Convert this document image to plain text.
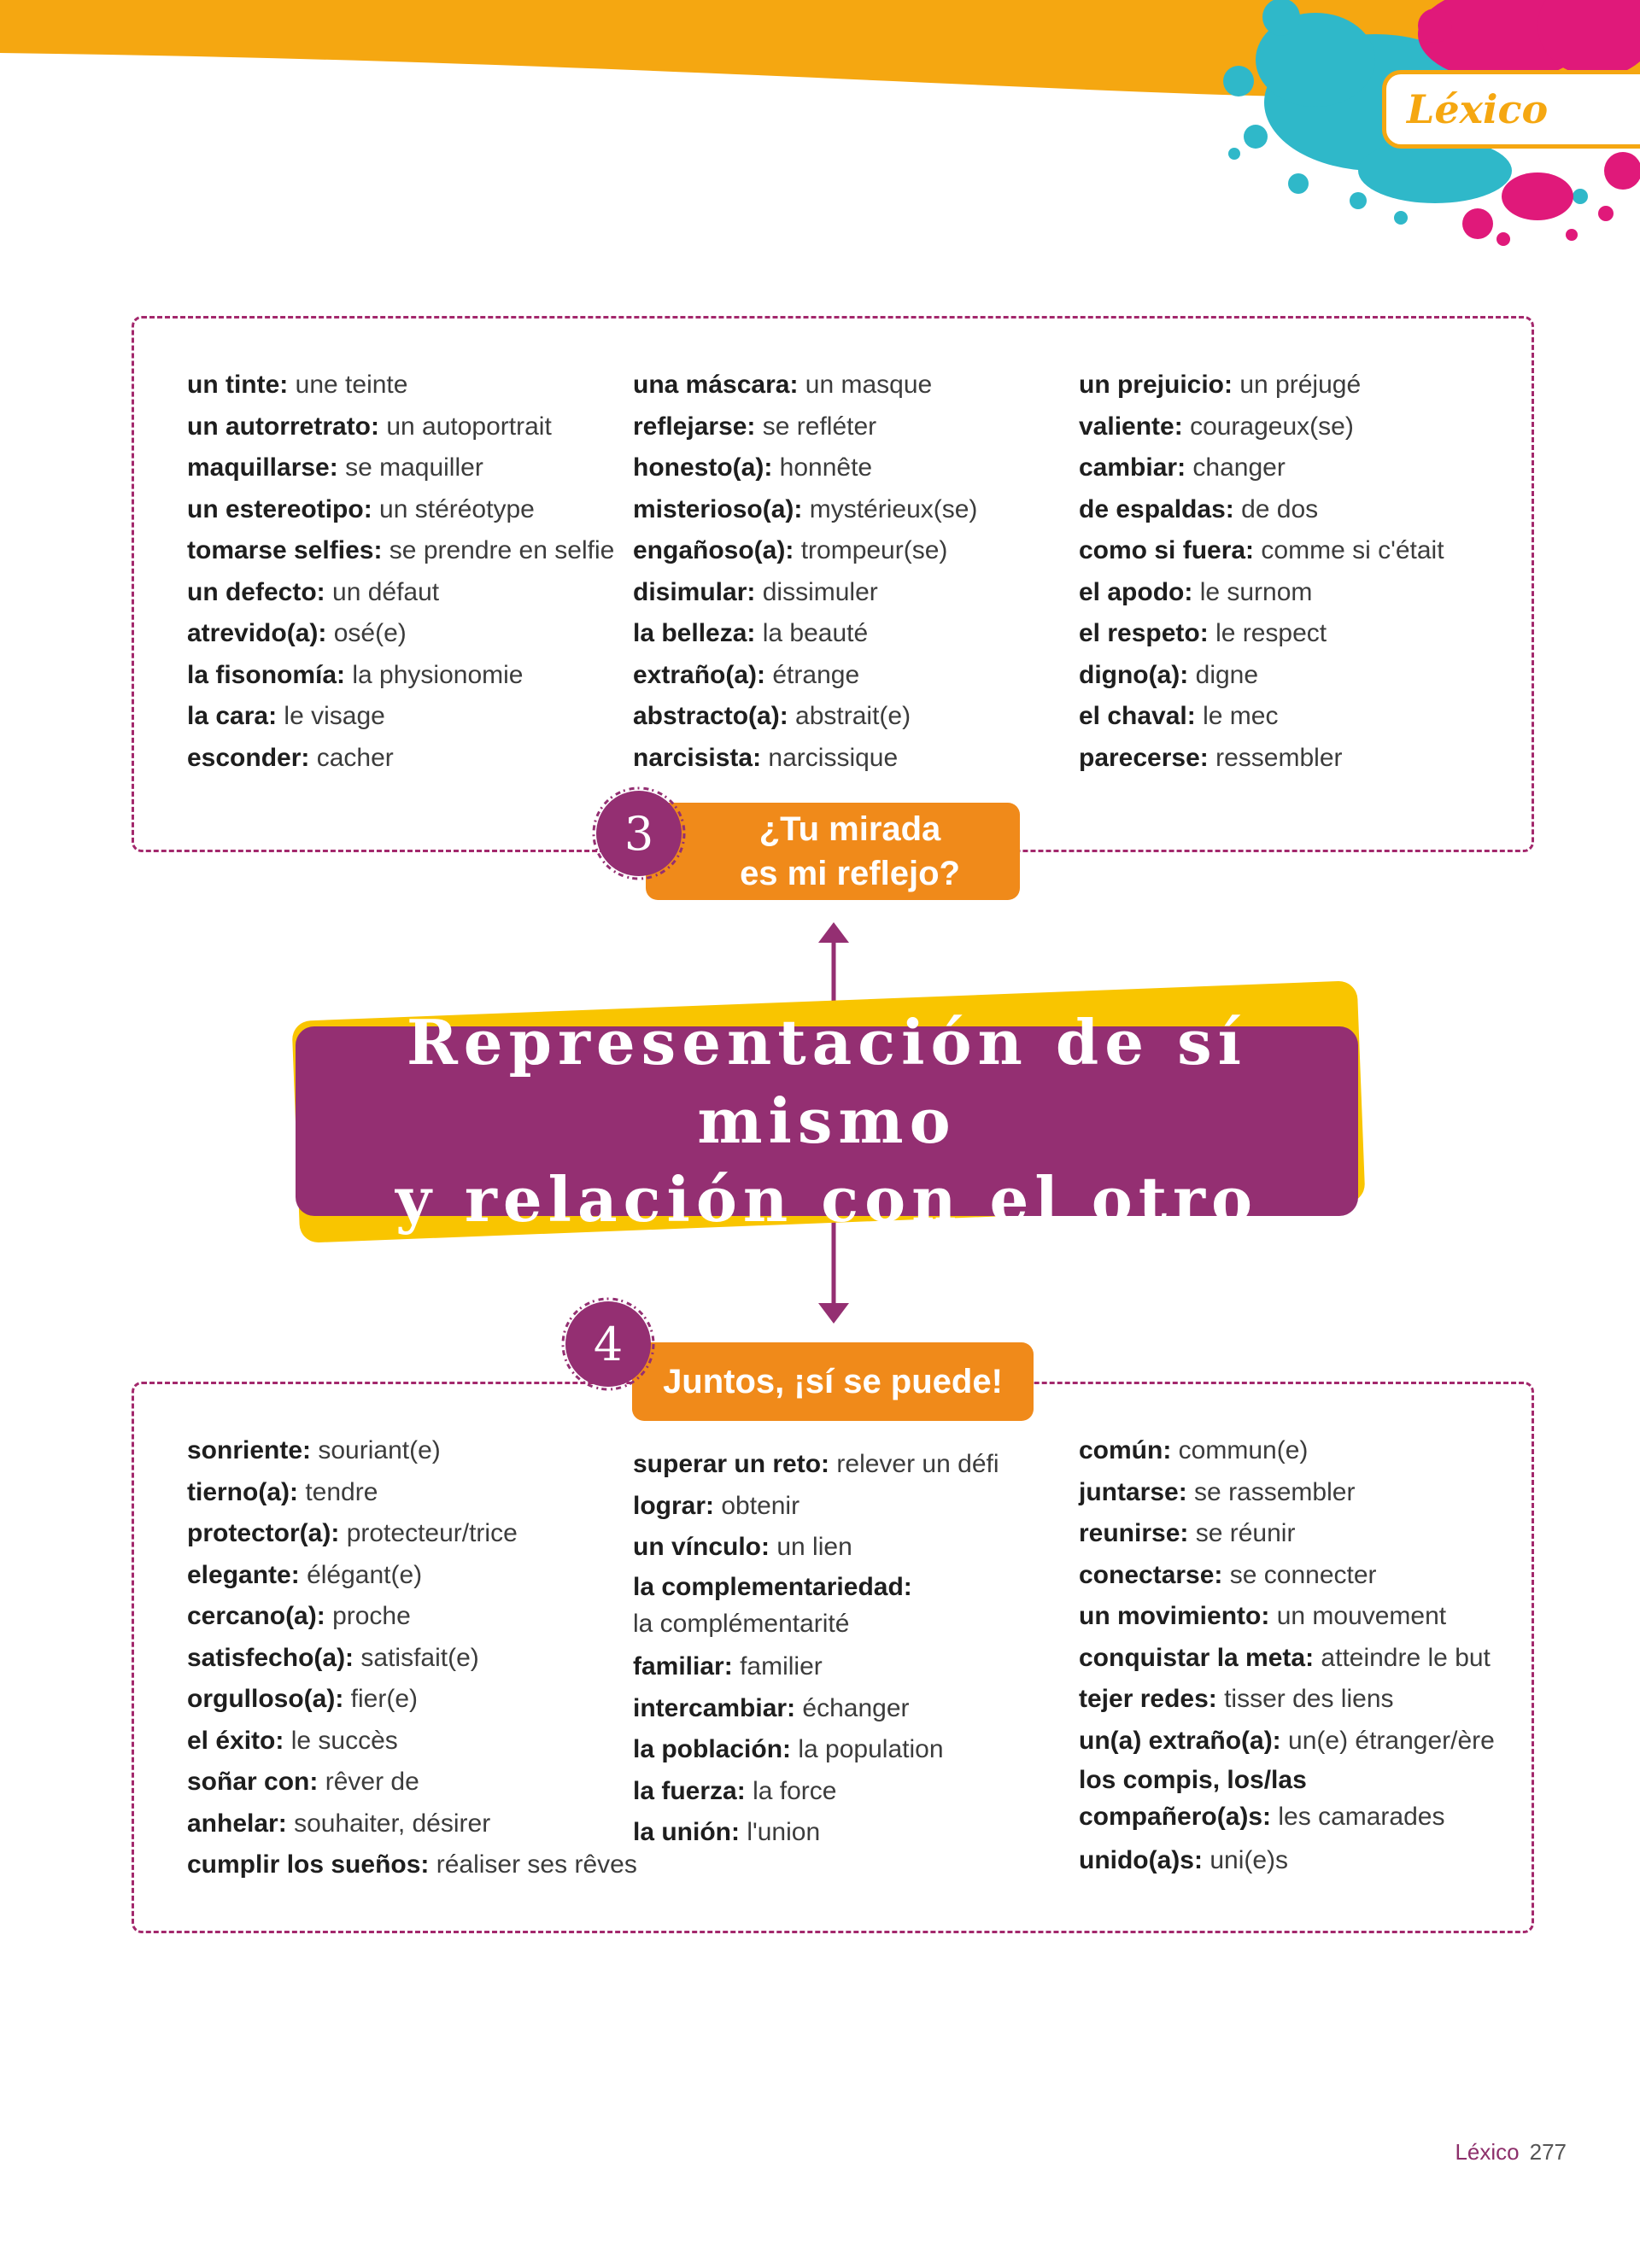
Léxico
un tinte: une teinte
un autorretrato: un autoportrait
maquillarse: se maquiller
un estereotipo: un stéréotype
tomarse selfies: se prendre en selfie
un defecto: un défaut
atrevido(a): osé(e)
la fisonomía: la physionomie
la cara: le visage
esconder: cacher
una máscara: un masque
reflejarse: se refléter
honesto(a): honnête
misterioso(a): mystérieux(se)
engañoso(a): trompeur(se)
disimular: dissimuler
la belleza: la beauté
extraño(a): étrange
abstracto(a): abstrait(e)
narcisista: narcissique
un prejuicio: un préjugé
valiente: courageux(se)
cambiar: changer
de espaldas: de dos
como si fuera: comme si c'était
el apodo: le surnom
el respeto: le respect
digno(a): digne
el chaval: le mec
parecerse: ressembler
¿Tu mirada
es mi reflejo?
3
Representación de sí mismo
y relación con el otro
sonriente: souriant(e)
tierno(a): tendre
protector(a): protecteur/trice
elegante: élégant(e)
cercano(a): proche
satisfecho(a): satisfait(e)
orgulloso(a): fier(e)
el éxito: le succès
soñar con: rêver de
anhelar: souhaiter, désirer
cumplir los sueños: réaliser ses rêves
superar un reto: relever un défi
lograr: obtenir
un vínculo: un lien
la complementariedad: la complémentarité
familiar: familier
intercambiar: échanger
la población: la population
la fuerza: la force
la unión: l'union
común: commun(e)
juntarse: se rassembler
reunirse: se réunir
conectarse: se connecter
un movimiento: un mouvement
conquistar la meta: atteindre le but
tejer redes: tisser des liens
un(a) extraño(a): un(e) étranger/ère
los compis, los/las compañero(a)s: les camarades
unido(a)s: uni(e)s
Juntos, ¡sí se puede!
4
Léxico 277
